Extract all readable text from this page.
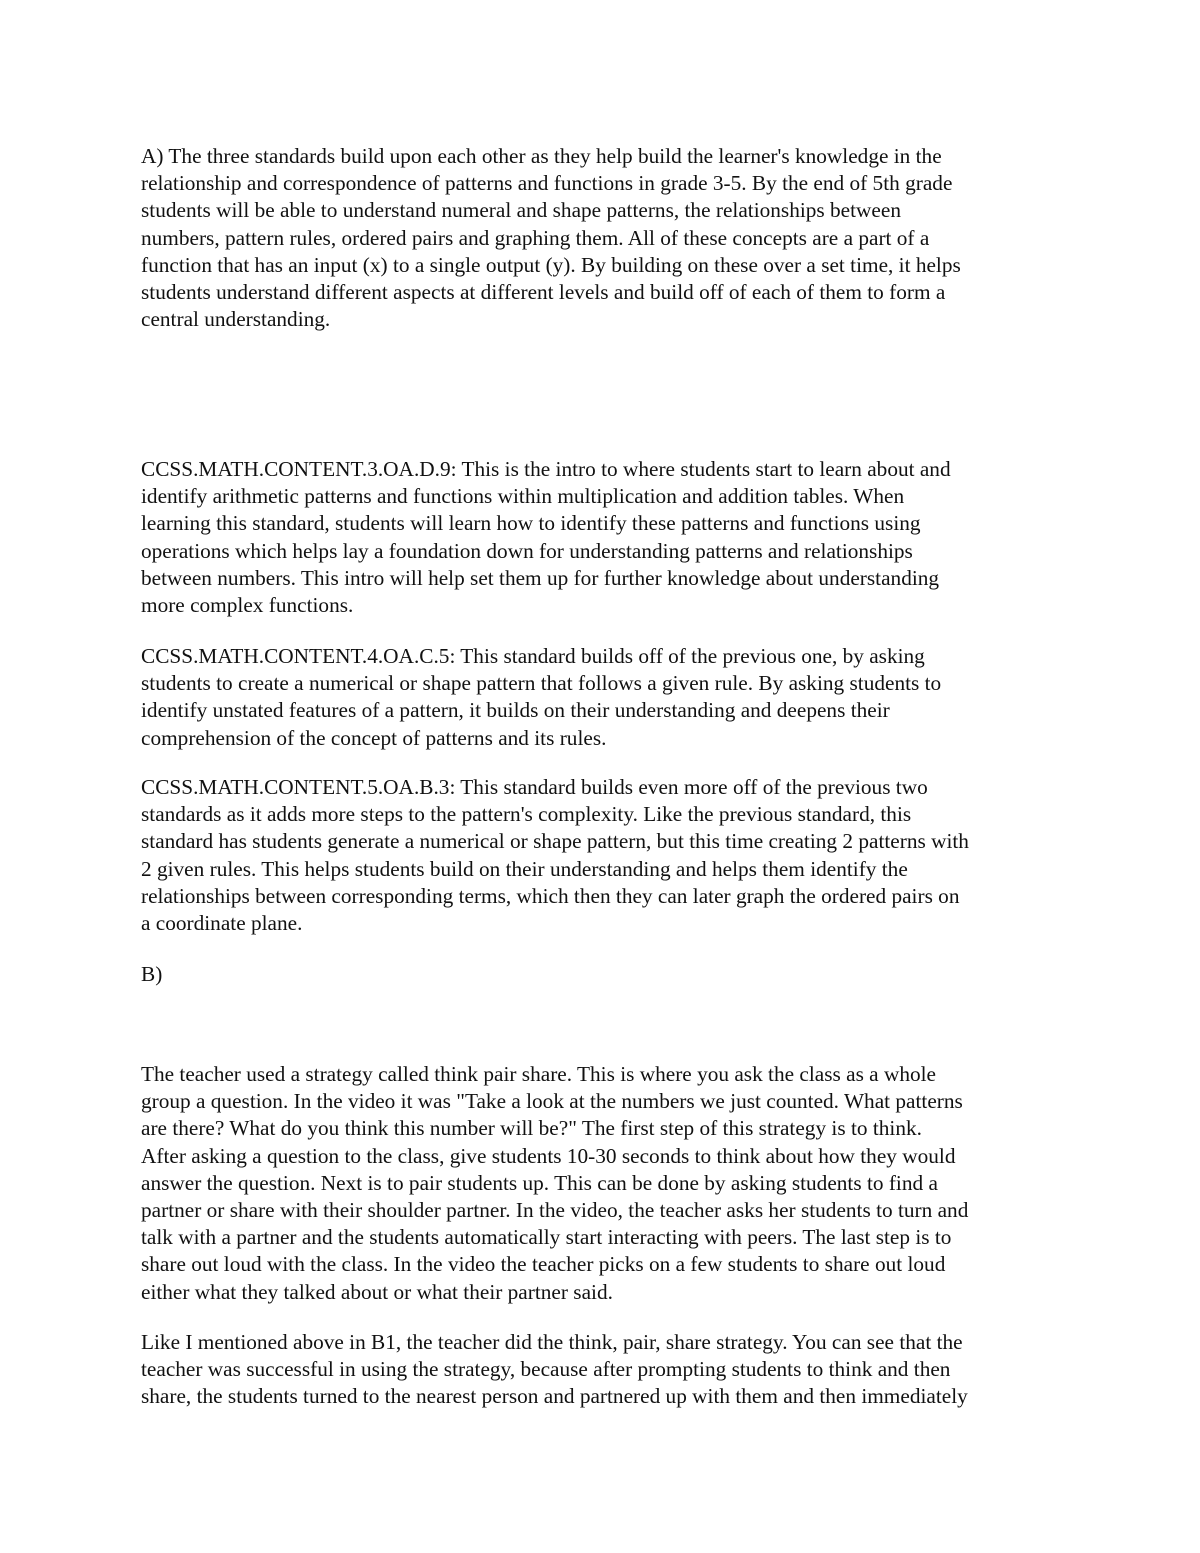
A) The three standards build upon each other as they help build the learner's knowledge in the
relationship and correspondence of patterns and functions in grade 3-5. By the end of 5th grade
students will be able to understand numeral and shape patterns, the relationships between
numbers, pattern rules, ordered pairs and graphing them. All of these concepts are a part of a
function that has an input (x) to a single output (y). By building on these over a set time, it helps
students understand different aspects at different levels and build off of each of them to form a
central understanding.

CCSS.MATH.CONTENT.3.OA.D.9: This is the intro to where students start to learn about and
identify arithmetic patterns and functions within multiplication and addition tables. When
learning this standard, students will learn how to identify these patterns and functions using
operations which helps lay a foundation down for understanding patterns and relationships
between numbers. This intro will help set them up for further knowledge about understanding
more complex functions.

CCSS.MATH.CONTENT.4.OA.C.5: This standard builds off of the previous one, by asking
students to create a numerical or shape pattern that follows a given rule. By asking students to
identify unstated features of a pattern, it builds on their understanding and deepens their
comprehension of the concept of patterns and its rules.

CCSS.MATH.CONTENT.5.OA.B.3: This standard builds even more off of the previous two
standards as it adds more steps to the pattern's complexity. Like the previous standard, this
standard has students generate a numerical or shape pattern, but this time creating 2 patterns with
2 given rules. This helps students build on their understanding and helps them identify the
relationships between corresponding terms, which then they can later graph the ordered pairs on
a coordinate plane.

B)

The teacher used a strategy called think pair share. This is where you ask the class as a whole
group a question. In the video it was "Take a look at the numbers we just counted. What patterns
are there? What do you think this number will be?" The first step of this strategy is to think.
After asking a question to the class, give students 10-30 seconds to think about how they would
answer the question. Next is to pair students up. This can be done by asking students to find a
partner or share with their shoulder partner. In the video, the teacher asks her students to turn and
talk with a partner and the students automatically start interacting with peers. The last step is to
share out loud with the class. In the video the teacher picks on a few students to share out loud
either what they talked about or what their partner said.

Like I mentioned above in B1, the teacher did the think, pair, share strategy. You can see that the
teacher was successful in using the strategy, because after prompting students to think and then
share, the students turned to the nearest person and partnered up with them and then immediately
